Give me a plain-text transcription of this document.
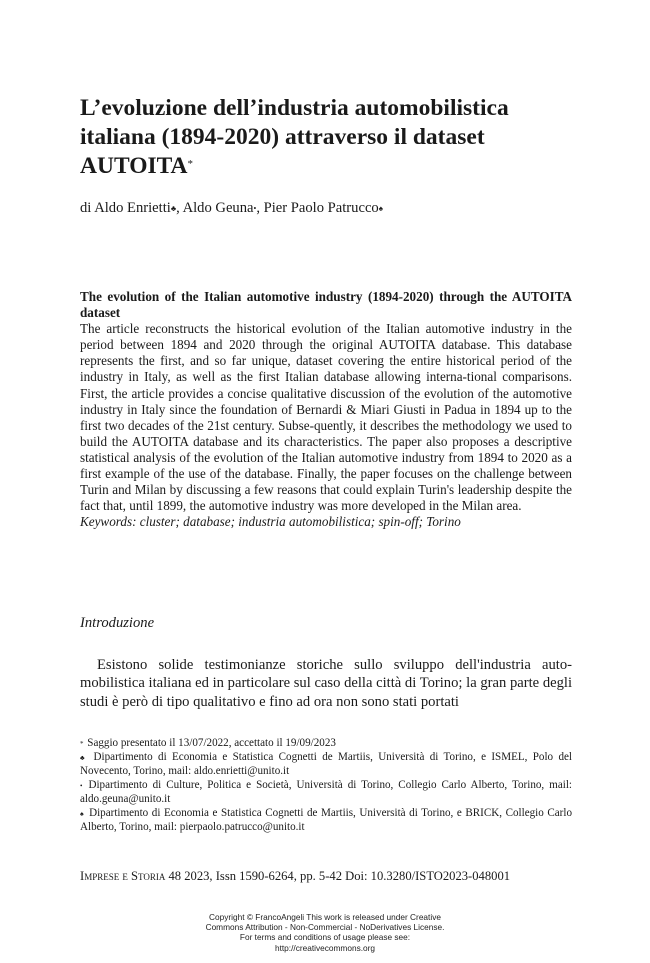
L’evoluzione dell’industria automobilistica italiana (1894-2020) attraverso il dataset AUTOITA*
di Aldo Enrietti♣, Aldo Geuna•, Pier Paolo Patrucco♠

The evolution of the Italian automotive industry (1894-2020) through the AUTOITA dataset

The article reconstructs the historical evolution of the Italian automotive industry in the period between 1894 and 2020 through the original AUTOITA database. This database represents the first, and so far unique, dataset covering the entire historical period of the industry in Italy, as well as the first Italian database allowing interna-tional comparisons. First, the article provides a concise qualitative discussion of the evolution of the automotive industry in Italy since the foundation of Bernardi & Miari Giusti in Padua in 1894 up to the first two decades of the 21st century. Subse-quently, it describes the methodology we used to build the AUTOITA database and its characteristics. The paper also proposes a descriptive statistical analysis of the evolution of the Italian automotive industry from 1894 to 2020 as a first example of the use of the database. Finally, the paper focuses on the challenge between Turin and Milan by discussing a few reasons that could explain Turin's leadership despite the fact that, until 1899, the automotive industry was more developed in the Milan area.

Keywords: cluster; database; industria automobilistica; spin-off; Torino

Introduzione

Esistono solide testimonianze storiche sullo sviluppo dell'industria auto-mobilistica italiana ed in particolare sul caso della città di Torino; la gran parte degli studi è però di tipo qualitativo e fino ad ora non sono stati portati

* Saggio presentato il 13/07/2022, accettato il 19/09/2023

♣ Dipartimento di Economia e Statistica Cognetti de Martiis, Università di Torino, e ISMEL, Polo del Novecento, Torino, mail: aldo.enrietti@unito.it

• Dipartimento di Culture, Politica e Società, Università di Torino, Collegio Carlo Alberto, Torino, mail: aldo.geuna@unito.it

♠ Dipartimento di Economia e Statistica Cognetti de Martiis, Università di Torino, e BRICK, Collegio Carlo Alberto, Torino, mail: pierpaolo.patrucco@unito.it

Imprese e Storia 48 2023, Issn 1590-6264, pp. 5-42 Doi: 10.3280/ISTO2023-048001
Copyright © FrancoAngeli This work is released under Creative
Commons Attribution - Non-Commercial - NoDerivatives License.
For terms and conditions of usage please see:
http://creativecommons.org
